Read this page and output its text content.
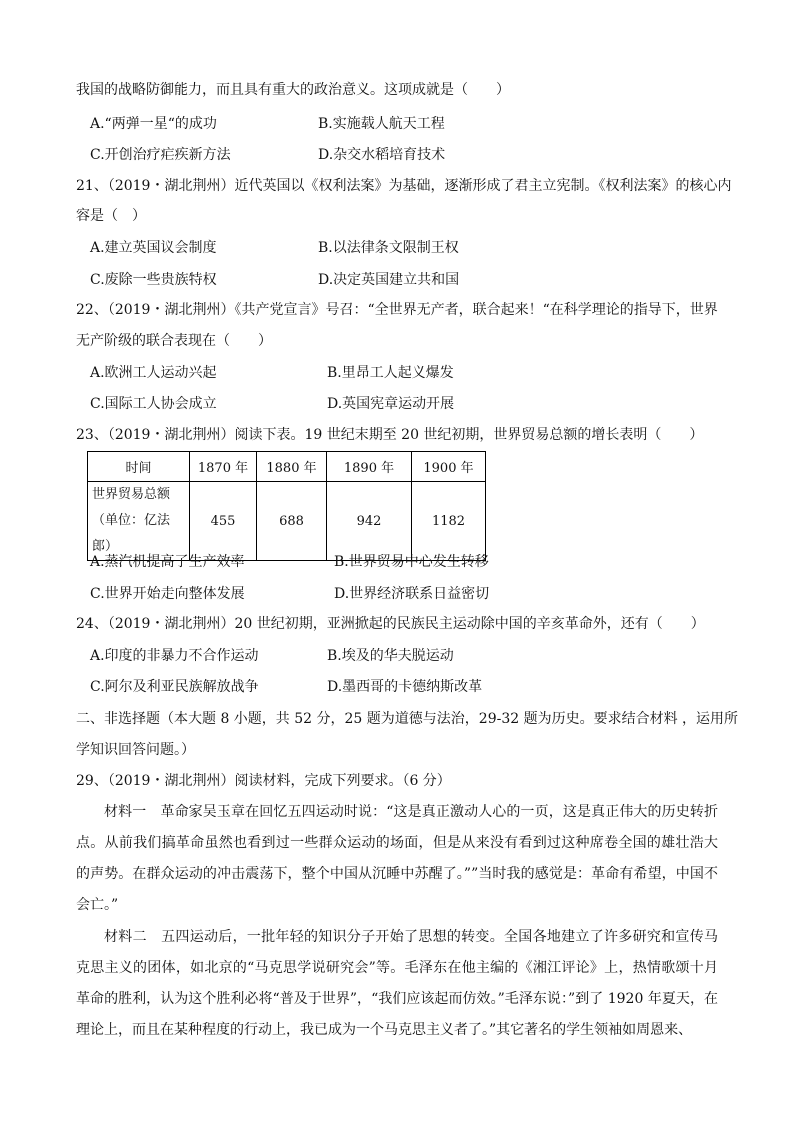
我国的战略防御能力，而且具有重大的政治意义。这项成就是（　　）
A.“两弹一星“的成功	B.实施载人航天工程
C.开创治疗疟疾新方法	D.杂交水稻培育技术
21、（2019・湖北荆州）近代英国以《权利法案》为基础，逐渐形成了君主立宪制。《权利法案》的核心内
容是（　）
A.建立英国议会制度	B.以法律条文限制王权
C.废除一些贵族特权	D.决定英国建立共和国
22、（2019・湖北荆州）《共产党宣言》号召：“全世界无产者，联合起来！“在科学理论的指导下，世界
无产阶级的联合表现在（　　）
A.欧洲工人运动兴起	B.里昂工人起义爆发
C.国际工人协会成立	D.英国宪章运动开展
23、（2019・湖北荆州）阅读下表。19 世纪末期至 20 世纪初期，世界贸易总额的增长表明（　　）
时间	1870 年	1880 年	1890 年	1900 年

世界贸易总额
（单位：亿法郎）	455	688	942	1182
A.蒸汽机提高了生产效率	B.世界贸易中心发生转移
C.世界开始走向整体发展	D.世界经济联系日益密切
24、（2019・湖北荆州）20 世纪初期，亚洲掀起的民族民主运动除中国的辛亥革命外，还有（　　）
A.印度的非暴力不合作运动	B.埃及的华夫脱运动
C.阿尔及利亚民族解放战争	D.墨西哥的卡德纳斯改革
二、非选择题（本大题 8 小题，共 52 分，25 题为道德与法治，29-32 题为历史。要求结合材料 ，运用所
学知识回答问题。）
29、（2019・湖北荆州）阅读材料，完成下列要求。（6 分）
材料一　革命家吴玉章在回忆五四运动时说：“这是真正激动人心的一页，这是真正伟大的历史转折点。从前我们搞革命虽然也看到过一些群众运动的场面，但是从来没有看到过这种席卷全国的雄壮浩大的声势。在群众运动的冲击震荡下，整个中国从沉睡中苏醒了。””当时我的感觉是：革命有希望，中国不会亡。”
材料二　五四运动后，一批年轻的知识分子开始了思想的转变。全国各地建立了许多研究和宣传马克思主义的团体，如北京的“马克思学说研究会”等。毛泽东在他主编的《湘江评论》上，热情歌颂十月革命的胜利，认为这个胜利必将“普及于世界”，“我们应该起而仿效。”毛泽东说：”到了 1920 年夏天，在理论上，而且在某种程度的行动上，我已成为一个马克思主义者了。”其它著名的学生领袖如周恩来、
